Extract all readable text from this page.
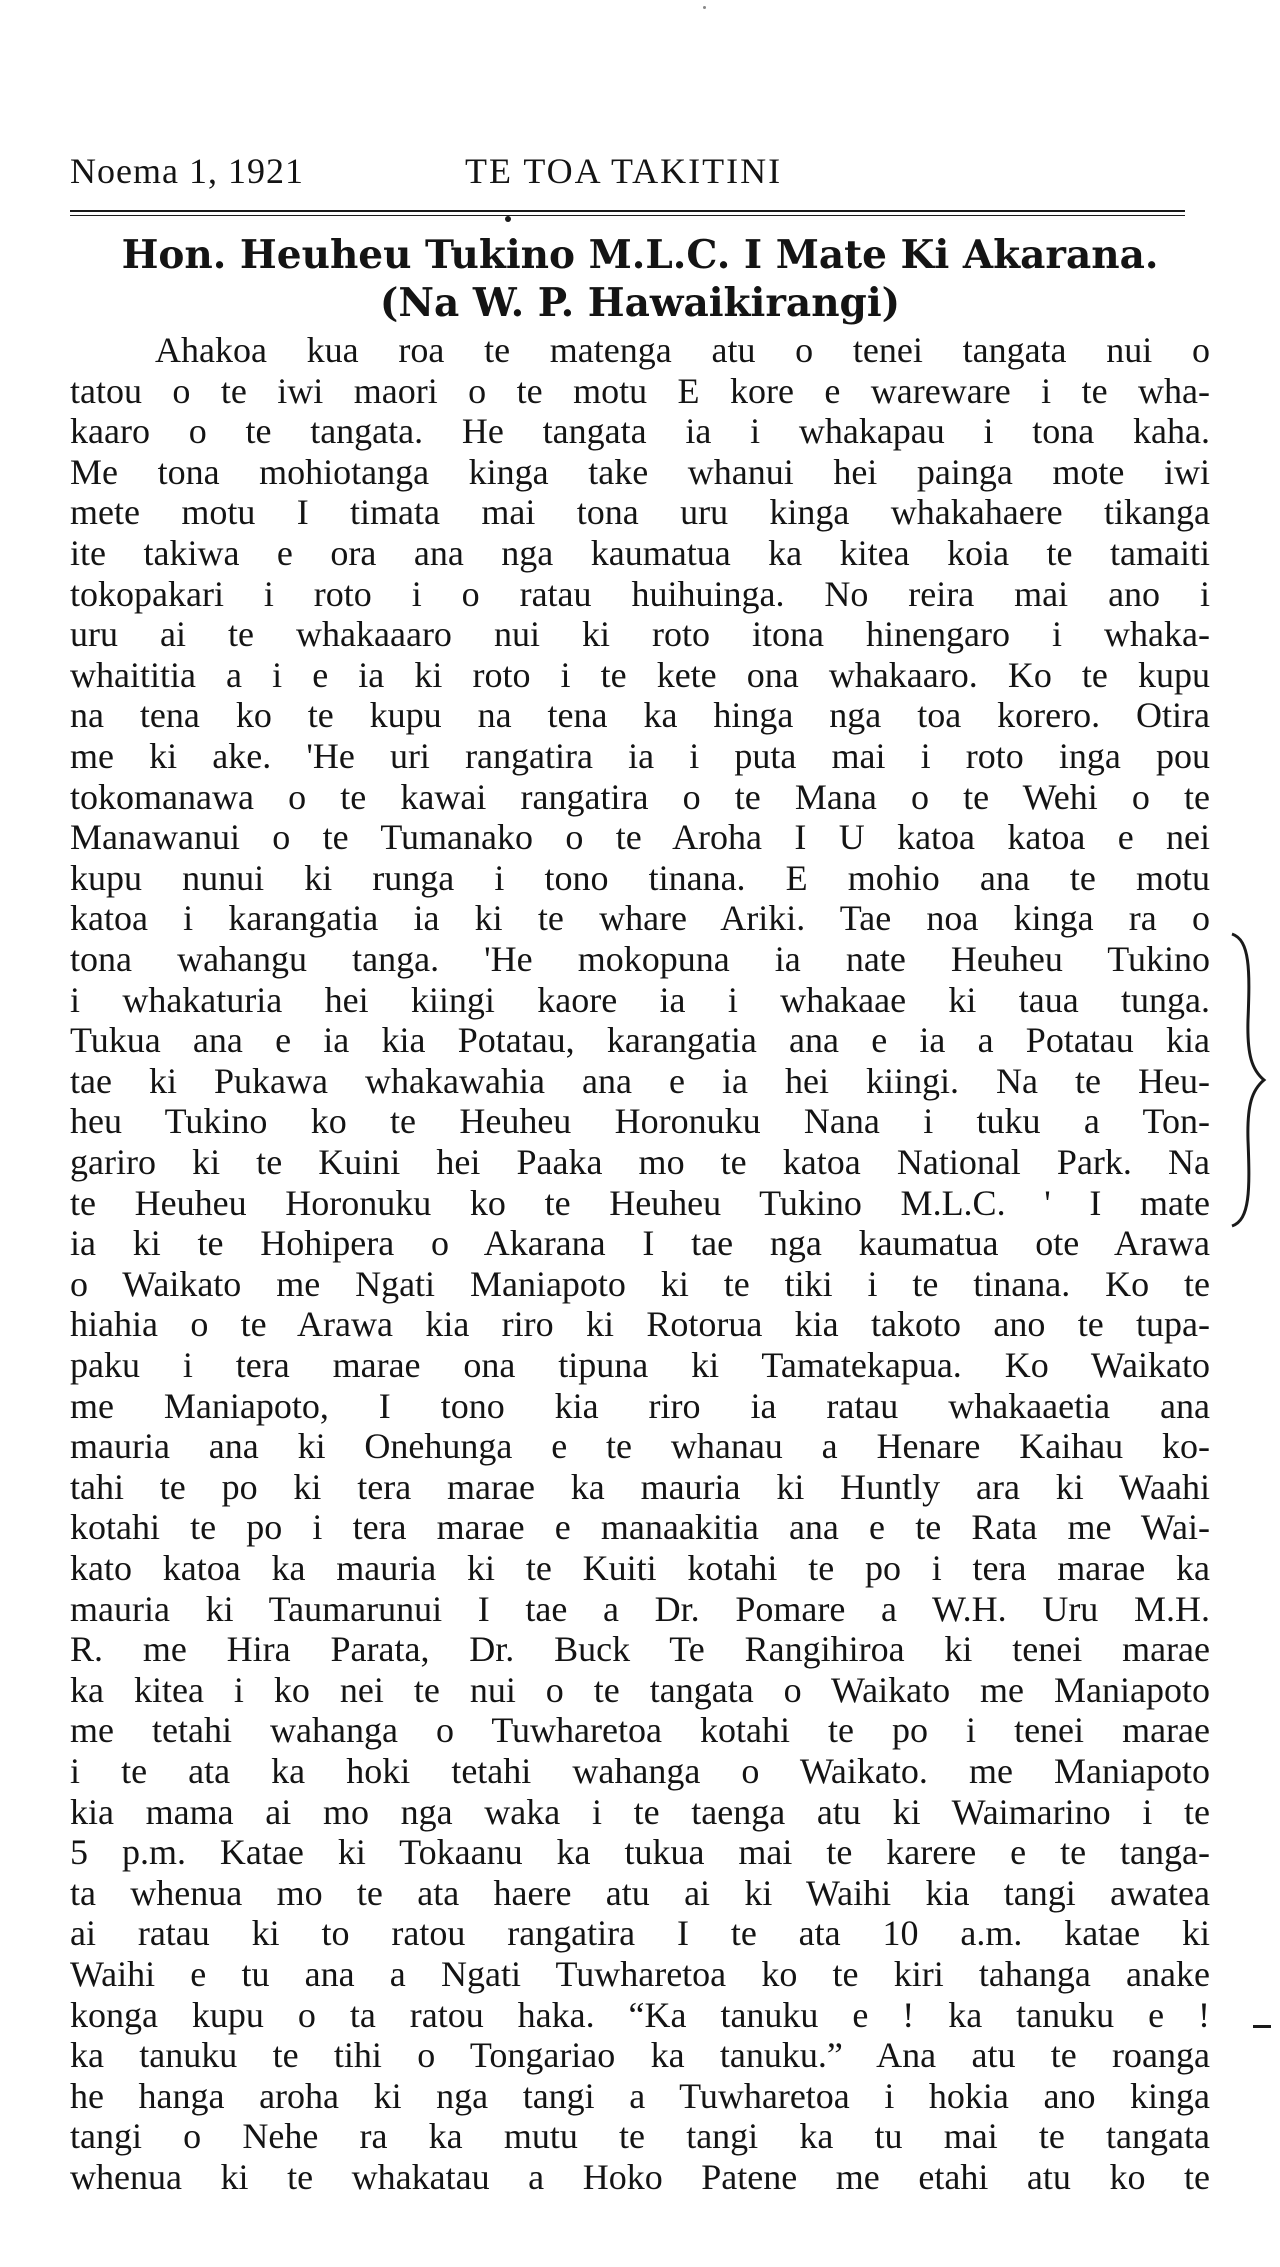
Noema 1, 1921	TE TOA TAKITINI
Hon. Heuheu Tukino M.L.C. I Mate Ki Akarana.
(Na W. P. Hawaikirangi)
Ahakoa kua roa te matenga atu o tenei tangata nui o
tatou o te iwi maori o te motu E kore e wareware i te wha-
kaaro o te tangata. He tangata ia i whakapau i tona kaha.
Me tona mohiotanga kinga take whanui hei painga mote iwi
mete motu I timata mai tona uru kinga whakahaere tikanga
ite takiwa e ora ana nga kaumatua ka kitea koia te tamaiti
tokopakari i roto i o ratau huihuinga. No reira mai ano i
uru ai te whakaaaro nui ki roto itona hinengaro i whaka-
whaititia a i e ia ki roto i te kete ona whakaaro. Ko te kupu
na tena ko te kupu na tena ka hinga nga toa korero. Otira
me ki ake. 'He uri rangatira ia i puta mai i roto inga pou
tokomanawa o te kawai rangatira o te Mana o te Wehi o te
Manawanui o te Tumanako o te Aroha I U katoa katoa e nei
kupu nunui ki runga i tono tinana. E mohio ana te motu
katoa i karangatia ia ki te whare Ariki. Tae noa kinga ra o
tona wahangu tanga. 'He mokopuna ia nate Heuheu Tukino
i whakaturia hei kiingi kaore ia i whakaae ki taua tunga.
Tukua ana e ia kia Potatau, karangatia ana e ia a Potatau kia
tae ki Pukawa whakawahia ana e ia hei kiingi. Na te Heu-
heu Tukino ko te Heuheu Horonuku Nana i tuku a Ton-
gariro ki te Kuini hei Paaka mo te katoa National Park. Na
te Heuheu Horonuku ko te Heuheu Tukino M.L.C. ' I mate
ia ki te Hohipera o Akarana I tae nga kaumatua ote Arawa
o Waikato me Ngati Maniapoto ki te tiki i te tinana. Ko te
hiahia o te Arawa kia riro ki Rotorua kia takoto ano te tupa-
paku i tera marae ona tipuna ki Tamatekapua. Ko Waikato
me Maniapoto, I tono kia riro ia ratau whakaaetia ana
mauria ana ki Onehunga e te whanau a Henare Kaihau ko-
tahi te po ki tera marae ka mauria ki Huntly ara ki Waahi
kotahi te po i tera marae e manaakitia ana e te Rata me Wai-
kato katoa ka mauria ki te Kuiti kotahi te po i tera marae ka
mauria ki Taumarunui I tae a Dr. Pomare a W.H. Uru M.H.
R. me Hira Parata, Dr. Buck Te Rangihiroa ki tenei marae
ka kitea i ko nei te nui o te tangata o Waikato me Maniapoto
me tetahi wahanga o Tuwharetoa kotahi te po i tenei marae
i te ata ka hoki tetahi wahanga o Waikato. me Maniapoto
kia mama ai mo nga waka i te taenga atu ki Waimarino i te
5 p.m. Katae ki Tokaanu ka tukua mai te karere e te tanga-
ta whenua mo te ata haere atu ai ki Waihi kia tangi awatea
ai ratau ki to ratou rangatira I te ata 10 a.m. katae ki
Waihi e tu ana a Ngati Tuwharetoa ko te kiri tahanga anake
konga kupu o ta ratou haka. “Ka tanuku e ! ka tanuku e !
ka tanuku te tihi o Tongariao ka tanuku.” Ana atu te roanga
he hanga aroha ki nga tangi a Tuwharetoa i hokia ano kinga
tangi o Nehe ra ka mutu te tangi ka tu mai te tangata
whenua ki te whakatau a Hoko Patene me etahi atu ko te
